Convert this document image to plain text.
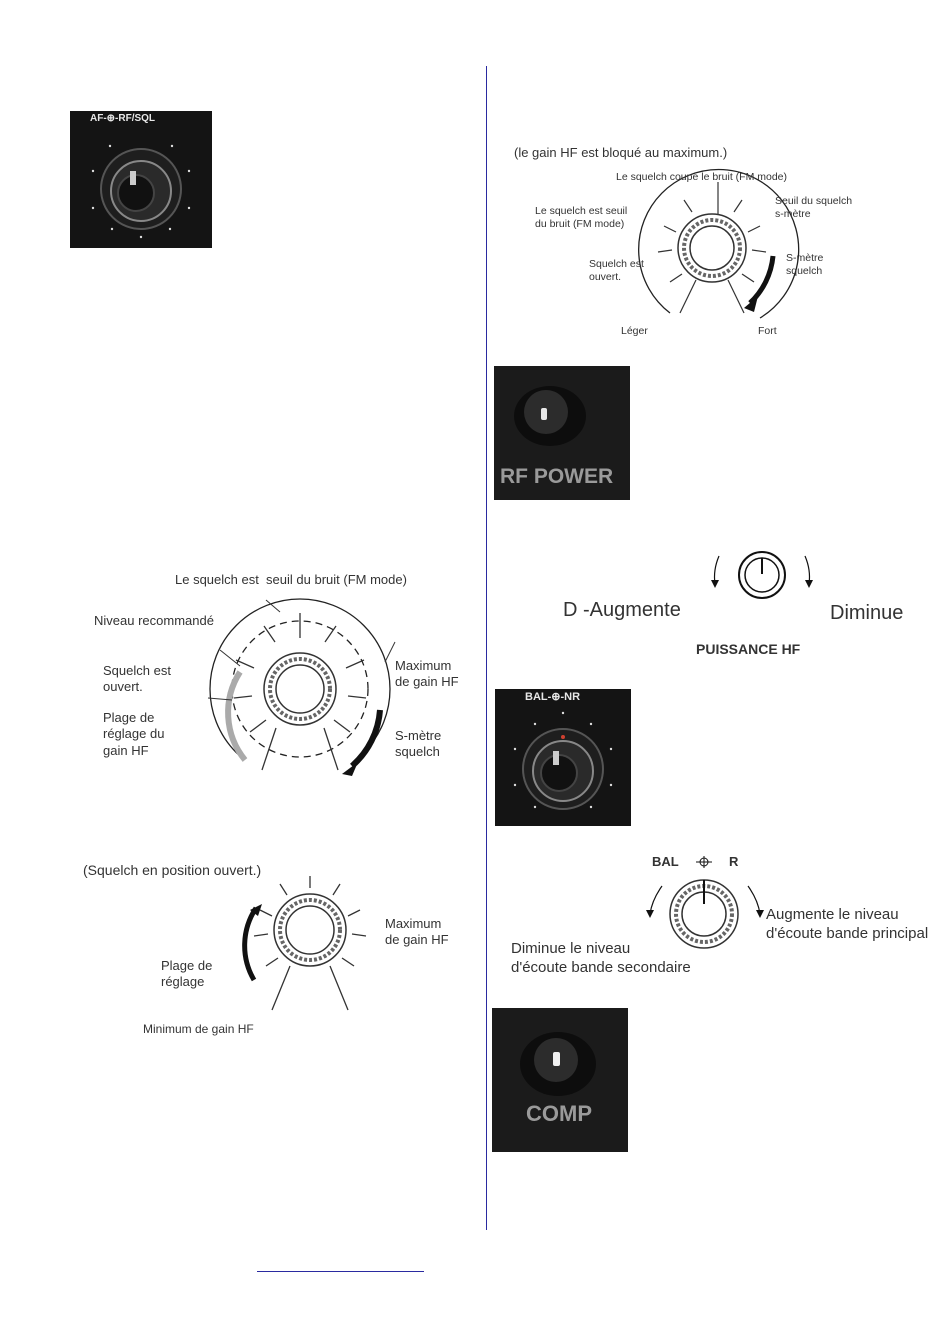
AF-⊕-RF/SQL
Le squelch est  seuil du bruit (FM mode)
Niveau recommandé
Squelch est
ouvert.
Plage de
réglage du
gain HF
Maximum
de gain HF
S-mètre
squelch
(Squelch en position ouvert.)
Maximum
de gain HF
Plage de
réglage
Minimum de gain HF
(le gain HF est bloqué au maximum.)
Le squelch coupe le bruit (FM mode)
Le squelch est seuil
du bruit (FM mode)
Seuil du squelch
s-mètre
Squelch est
ouvert.
S-mètre
squelch
Léger	Fort
RF POWER
D -Augmente	Diminue
PUISSANCE HF
BAL-⊕-NR
BAL	R
Augmente le niveau
d'écoute bande principal
Diminue le niveau
d'écoute bande secondaire
COMP
